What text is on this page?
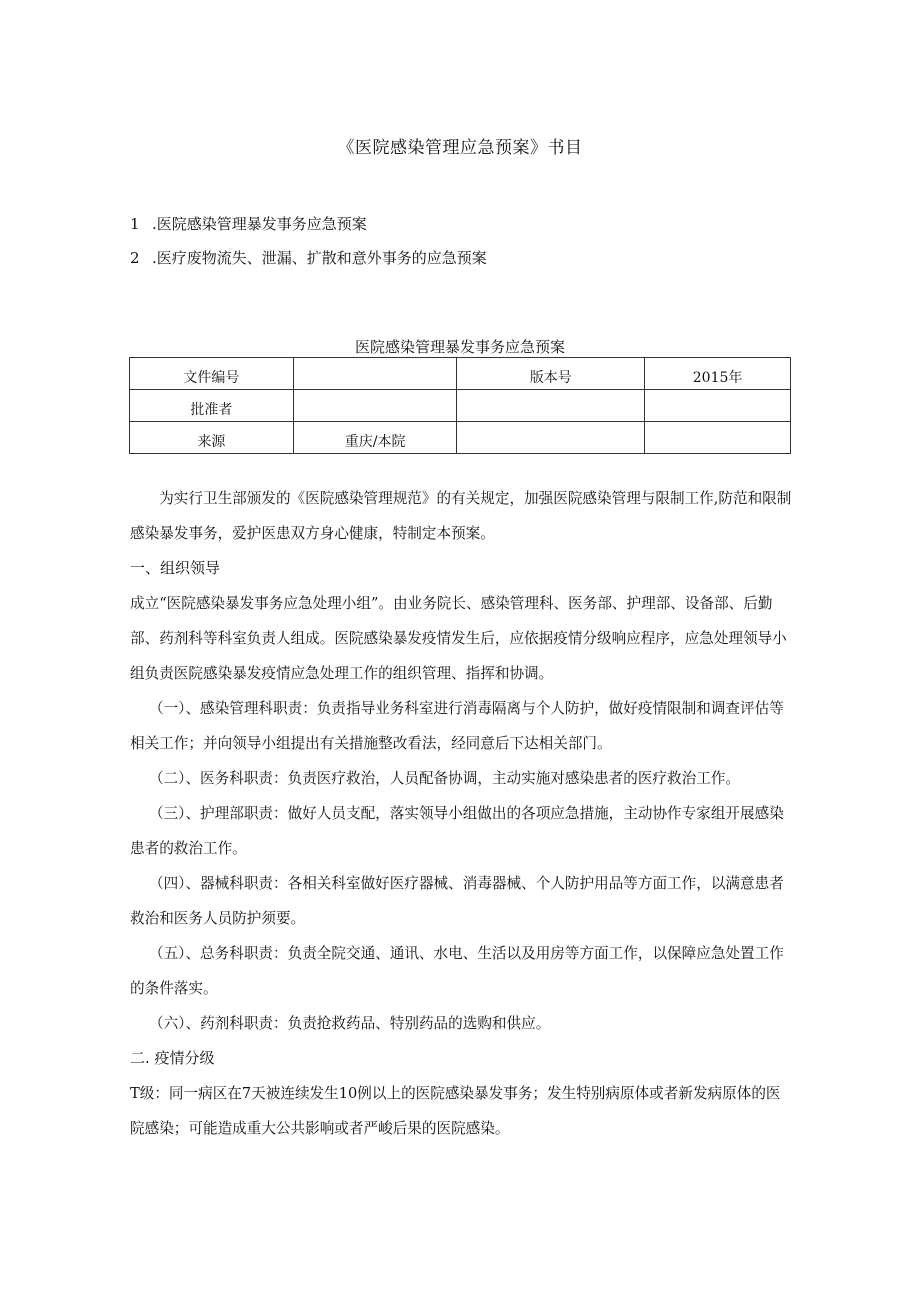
《医院感染管理应急预案》书目
1 .医院感染管理暴发事务应急预案
2 .医疗废物流失、泄漏、扩散和意外事务的应急预案
医院感染管理暴发事务应急预案
文件编号		版本号	2015年

批准者			

来源	重庆/本院		

为实行卫生部颁发的《医院感染管理规范》的有关规定，加强医院感染管理与限制工作,防范和限制感染暴发事务，爱护医患双方身心健康，特制定本预案。

一、组织领导

成立“医院感染暴发事务应急处理小组”。由业务院长、感染管理科、医务部、护理部、设备部、后勤部、药剂科等科室负责人组成。医院感染暴发疫情发生后，应依据疫情分级响应程序，应急处理领导小组负责医院感染暴发疫情应急处理工作的组织管理、指挥和协调。

（一）、感染管理科职责：负责指导业务科室进行消毒隔离与个人防护，做好疫情限制和调查评估等相关工作；并向领导小组提出有关措施整改看法，经同意后下达相关部门。

（二）、医务科职责：负责医疗救治，人员配备协调，主动实施对感染患者的医疗救治工作。

（三）、护理部职责：做好人员支配，落实领导小组做出的各项应急措施，主动协作专家组开展感染患者的救治工作。

（四）、器械科职责：各相关科室做好医疗器械、消毒器械、个人防护用品等方面工作，以满意患者救治和医务人员防护须要。

（五）、总务科职责：负责全院交通、通讯、水电、生活以及用房等方面工作，以保障应急处置工作的条件落实。

（六）、药剂科职责：负责抢救药品、特别药品的选购和供应。

二. 疫情分级

T级：同一病区在7天被连续发生10例以上的医院感染暴发事务；发生特别病原体或者新发病原体的医院感染；可能造成重大公共影响或者严峻后果的医院感染。
